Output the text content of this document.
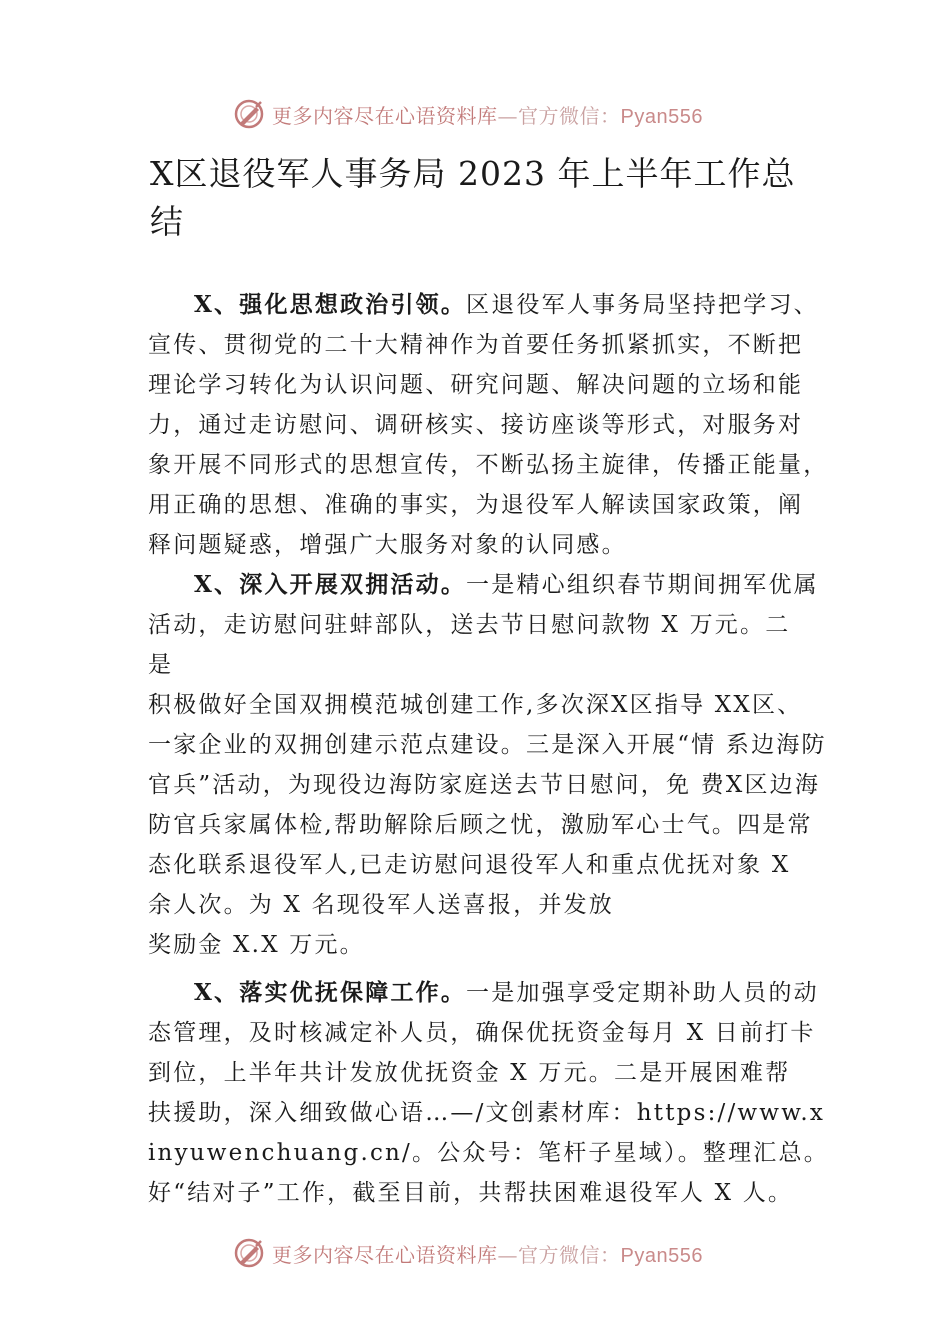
更多内容尽在心语资料库—官方微信：Pyan556
X区退役军人事务局 2023 年上半年工作总
结
X、强化思想政治引领。区退役军人事务局坚持把学习、
宣传、贯彻党的二十大精神作为首要任务抓紧抓实，不断把
理论学习转化为认识问题、研究问题、解决问题的立场和能
力，通过走访慰问、调研核实、接访座谈等形式，对服务对
象开展不同形式的思想宣传，不断弘扬主旋律，传播正能量，
用正确的思想、准确的事实，为退役军人解读国家政策，阐
释问题疑惑，增强广大服务对象的认同感。
X、深入开展双拥活动。一是精心组织春节期间拥军优属
活动，走访慰问驻蚌部队，送去节日慰问款物 X 万元。二
是
积极做好全国双拥模范城创建工作,多次深X区指导 XX区、
一家企业的双拥创建示范点建设。三是深入开展“情 系边海防
官兵”活动，为现役边海防家庭送去节日慰问，免 费X区边海
防官兵家属体检,帮助解除后顾之忧，激励军心士气。四是常
态化联系退役军人,已走访慰问退役军人和重点优抚对象 X
余人次。为 X 名现役军人送喜报，并发放
奖励金 X.X 万元。
X、落实优抚保障工作。一是加强享受定期补助人员的动
态管理，及时核减定补人员，确保优抚资金每月 X 日前打卡
到位，上半年共计发放优抚资金 X 万元。二是开展困难帮
扶援助，深入细致做心语…—/文创素材库：https://www.x
inyuwenchuang.cn/。公众号：笔杆子星域）。整理汇总。
好“结对子”工作，截至目前，共帮扶困难退役军人 X 人。
更多内容尽在心语资料库—官方微信：Pyan556
